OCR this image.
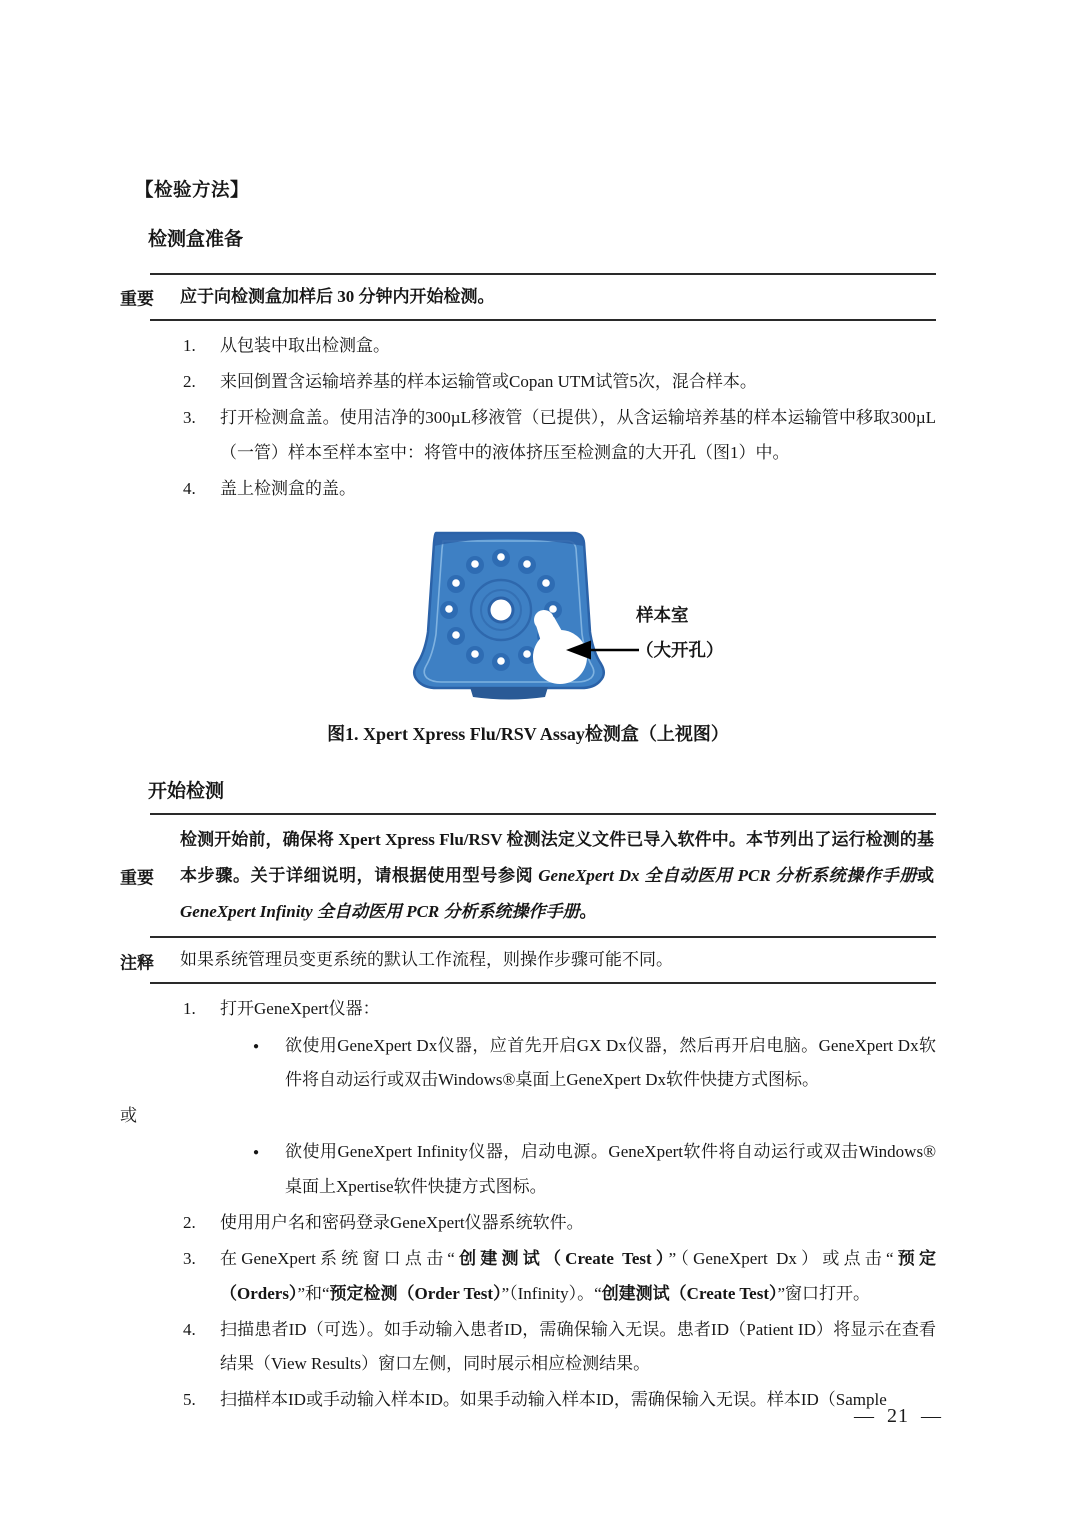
【检验方法】
检测盒准备
重要	应于向检测盒加样后 30 分钟内开始检测。
1.	从包装中取出检测盒。
2.	来回倒置含运输培养基的样本运输管或Copan UTM试管5次，混合样本。
3.	打开检测盒盖。使用洁净的300µL移液管（已提供），从含运输培养基的样本运输管中移取300µL（一管）样本至样本室中：将管中的液体挤压至检测盒的大开孔（图1）中。
4.	盖上检测盒的盖。
样本室
（大开孔）
图1. Xpert Xpress Flu/RSV Assay检测盒（上视图）
开始检测
重要
检测开始前，确保将 Xpert Xpress Flu/RSV 检测法定义文件已导入软件中。本节列出了运行检测的基本步骤。关于详细说明，请根据使用型号参阅 GeneXpert Dx 全自动医用 PCR 分析系统操作手册或 GeneXpert Infinity 全自动医用 PCR 分析系统操作手册。
注释	如果系统管理员变更系统的默认工作流程，则操作步骤可能不同。
1.	打开GeneXpert仪器：
●	欲使用GeneXpert Dx仪器，应首先开启GX Dx仪器，然后再开启电脑。GeneXpert Dx软件将自动运行或双击Windows®桌面上GeneXpert Dx软件快捷方式图标。
或
●	欲使用GeneXpert Infinity仪器，启动电源。GeneXpert软件将自动运行或双击Windows®桌面上Xpertise软件快捷方式图标。
2.	使用用户名和密码登录GeneXpert仪器系统软件。
3.	在GeneXpert系统窗口点击“创建测试（Create Test）”（GeneXpert Dx）或点击“预定（Orders）”和“预定检测（Order Test）”（Infinity）。“创建测试（Create Test）”窗口打开。
4.	扫描患者ID（可选）。如手动输入患者ID，需确保输入无误。患者ID（Patient ID）将显示在查看结果（View Results）窗口左侧，同时展示相应检测结果。
5.	扫描样本ID或手动输入样本ID。如果手动输入样本ID，需确保输入无误。样本ID（Sample
—  21  —
